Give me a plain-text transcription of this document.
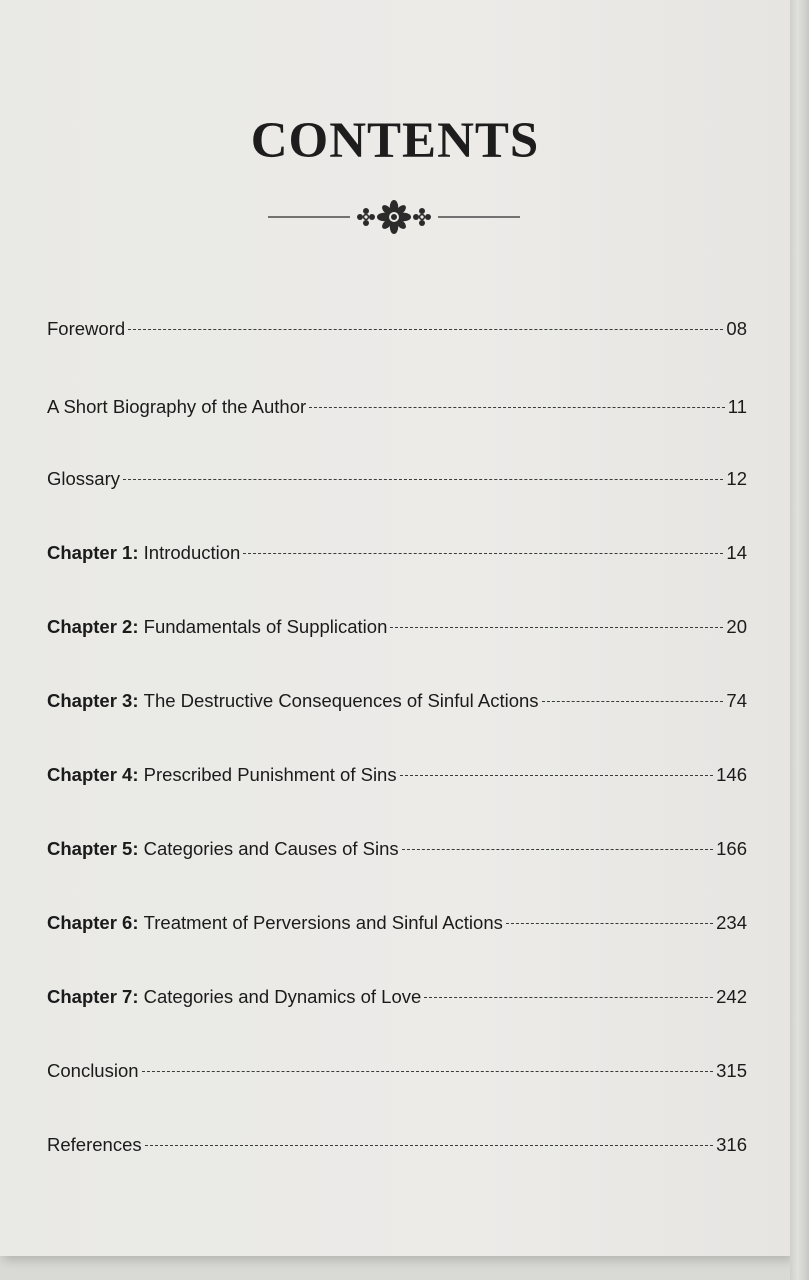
CONTENTS
Foreword	08
A Short Biography of the Author	11
Glossary	12
Chapter 1: Introduction	14
Chapter 2: Fundamentals of Supplication	20
Chapter 3: The Destructive Consequences of Sinful Actions	74
Chapter 4: Prescribed Punishment of Sins	146
Chapter 5: Categories and Causes of Sins	166
Chapter 6: Treatment of Perversions and Sinful Actions	234
Chapter 7: Categories and Dynamics of Love	242
Conclusion	315
References	316
